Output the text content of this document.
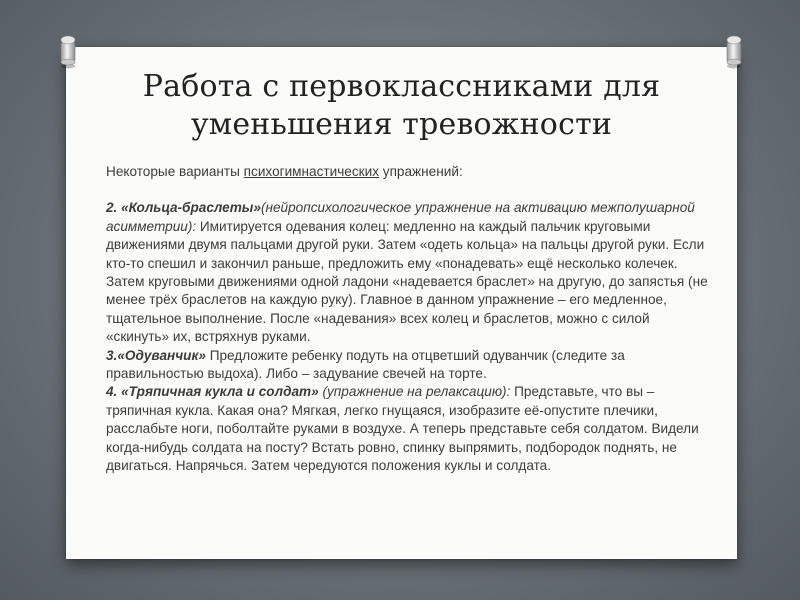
Работа с первоклассниками для
уменьшения тревожности

Некоторые варианты психогимнастических упражнений:

2. «Кольца-браслеты»(нейропсихологическое упражнение на активацию межполушарной асимметрии): Имитируется одевания колец: медленно на каждый пальчик круговыми движениями двумя пальцами другой руки. Затем «одеть кольца» на пальцы другой руки. Если кто-то спешил и закончил раньше, предложить ему «понадевать» ещё несколько колечек. Затем круговыми движениями одной ладони «надевается браслет» на другую, до запястья (не менее трёх браслетов на каждую руку). Главное в данном упражнение – его медленное, тщательное выполнение. После «надевания» всех колец и браслетов, можно с силой «скинуть» их, встряхнув руками.

3.«Одуванчик» Предложите ребенку подуть на отцветший одуванчик (следите за правильностью выдоха). Либо – задувание свечей на торте.

4. «Тряпичная кукла и солдат» (упражнение на релаксацию): Представьте, что вы – тряпичная кукла. Какая она? Мягкая, легко гнущаяся, изобразите её-опустите плечики, расслабьте ноги, поболтайте руками в воздухе. А теперь представьте себя солдатом. Видели когда-нибудь солдата на посту? Встать ровно, спинку выпрямить, подбородок поднять, не двигаться. Напрячься. Затем чередуются положения куклы и солдата.
